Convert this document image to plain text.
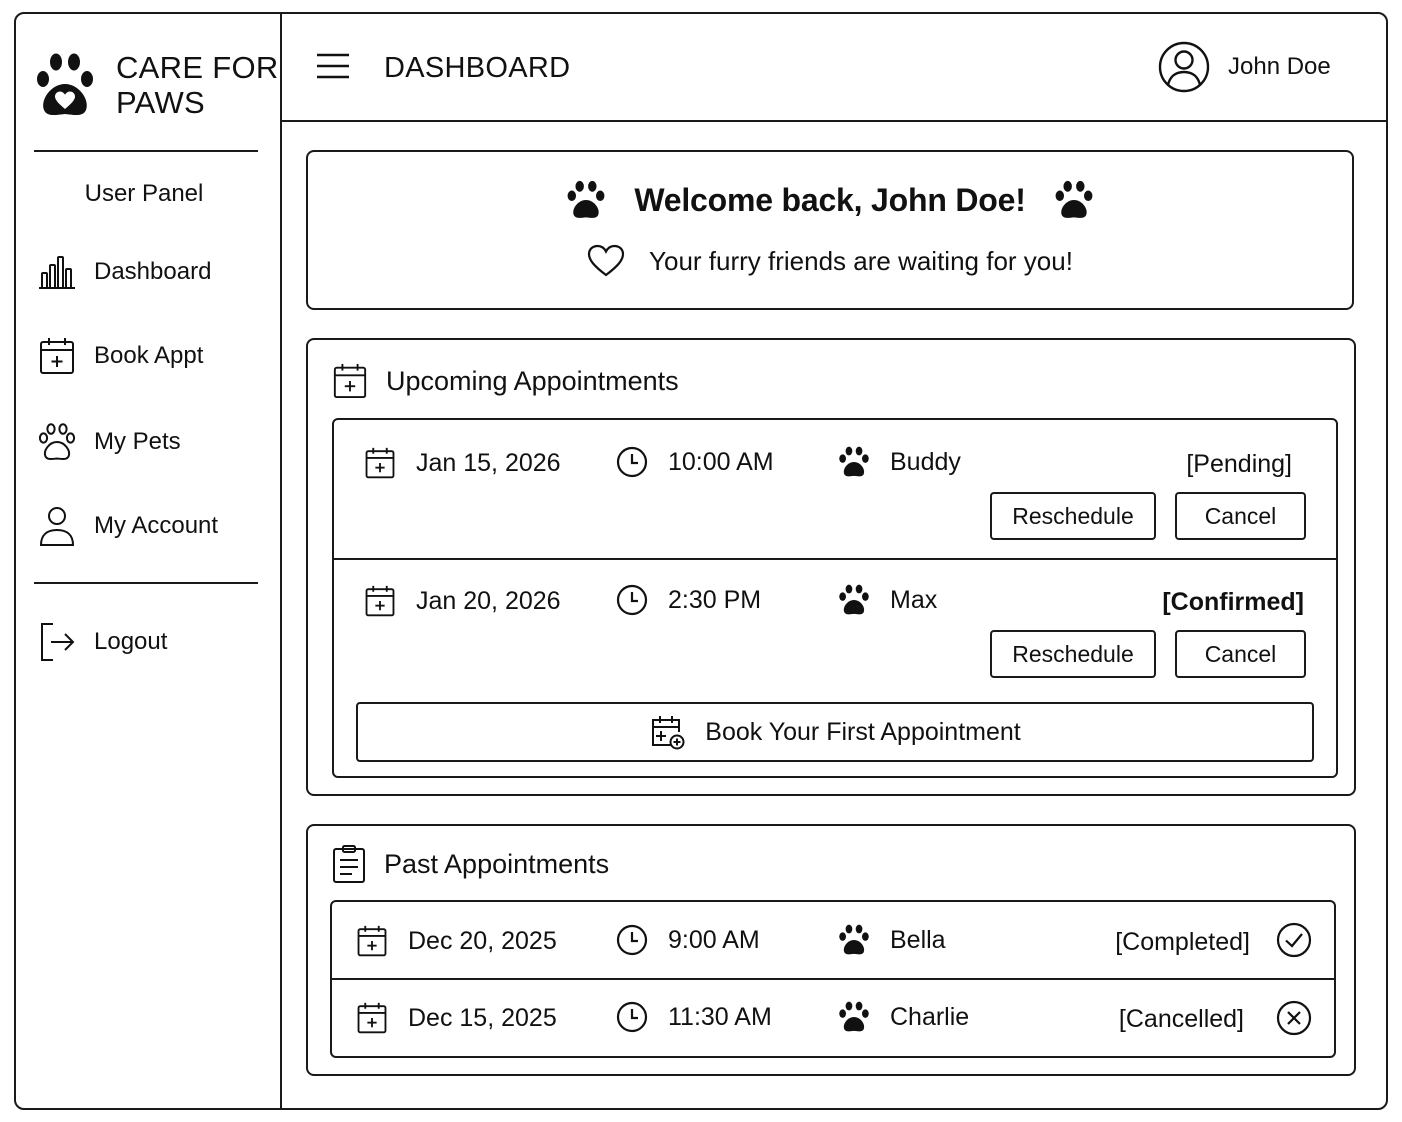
CARE FOR
PAWS
User Panel
Dashboard
Book Appt
My Pets
My Account
Logout
DASHBOARD	John Doe
Welcome back, John Doe!
Your furry friends are waiting for you!
Upcoming Appointments
Jan 15, 2026	10:00 AM	Buddy	[Pending]
Reschedule	Cancel
Jan 20, 2026	2:30 PM	Max	[Confirmed]
Reschedule	Cancel
Book Your First Appointment
Past Appointments
Dec 20, 2025	9:00 AM	Bella	[Completed]
Dec 15, 2025	11:30 AM	Charlie	[Cancelled]
